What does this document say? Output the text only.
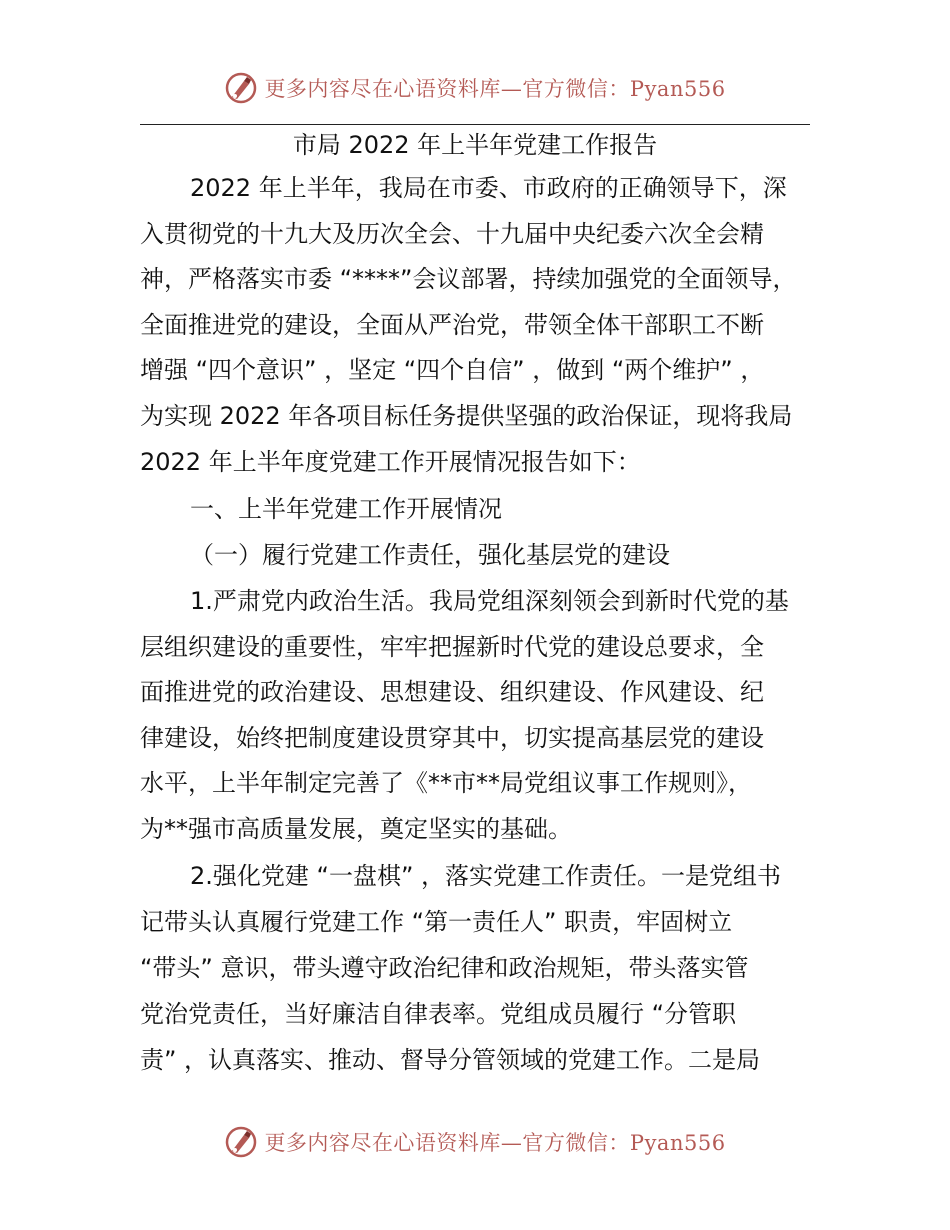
更多内容尽在心语资料库—官方微信：Pyan556
市局 2022 年上半年党建工作报告
2022 年上半年，我局在市委、市政府的正确领导下，深
入贯彻党的十九大及历次全会、十九届中央纪委六次全会精
神，严格落实市委 “****”会议部署，持续加强党的全面领导，
全面推进党的建设，全面从严治党，带领全体干部职工不断
增强 “四个意识” ，坚定 “四个自信” ，做到 “两个维护” ，
为实现 2022 年各项目标任务提供坚强的政治保证，现将我局
2022 年上半年度党建工作开展情况报告如下：
一、上半年党建工作开展情况
（一）履行党建工作责任，强化基层党的建设
1.严肃党内政治生活。我局党组深刻领会到新时代党的基
层组织建设的重要性，牢牢把握新时代党的建设总要求，全
面推进党的政治建设、思想建设、组织建设、作风建设、纪
律建设，始终把制度建设贯穿其中，切实提高基层党的建设
水平，上半年制定完善了《**市**局党组议事工作规则》，
为**强市高质量发展，奠定坚实的基础。
2.强化党建 “一盘棋” ，落实党建工作责任。一是党组书
记带头认真履行党建工作 “第一责任人” 职责，牢固树立
“带头” 意识，带头遵守政治纪律和政治规矩，带头落实管
党治党责任，当好廉洁自律表率。党组成员履行 “分管职
责” ，认真落实、推动、督导分管领域的党建工作。二是局
更多内容尽在心语资料库—官方微信：Pyan556
